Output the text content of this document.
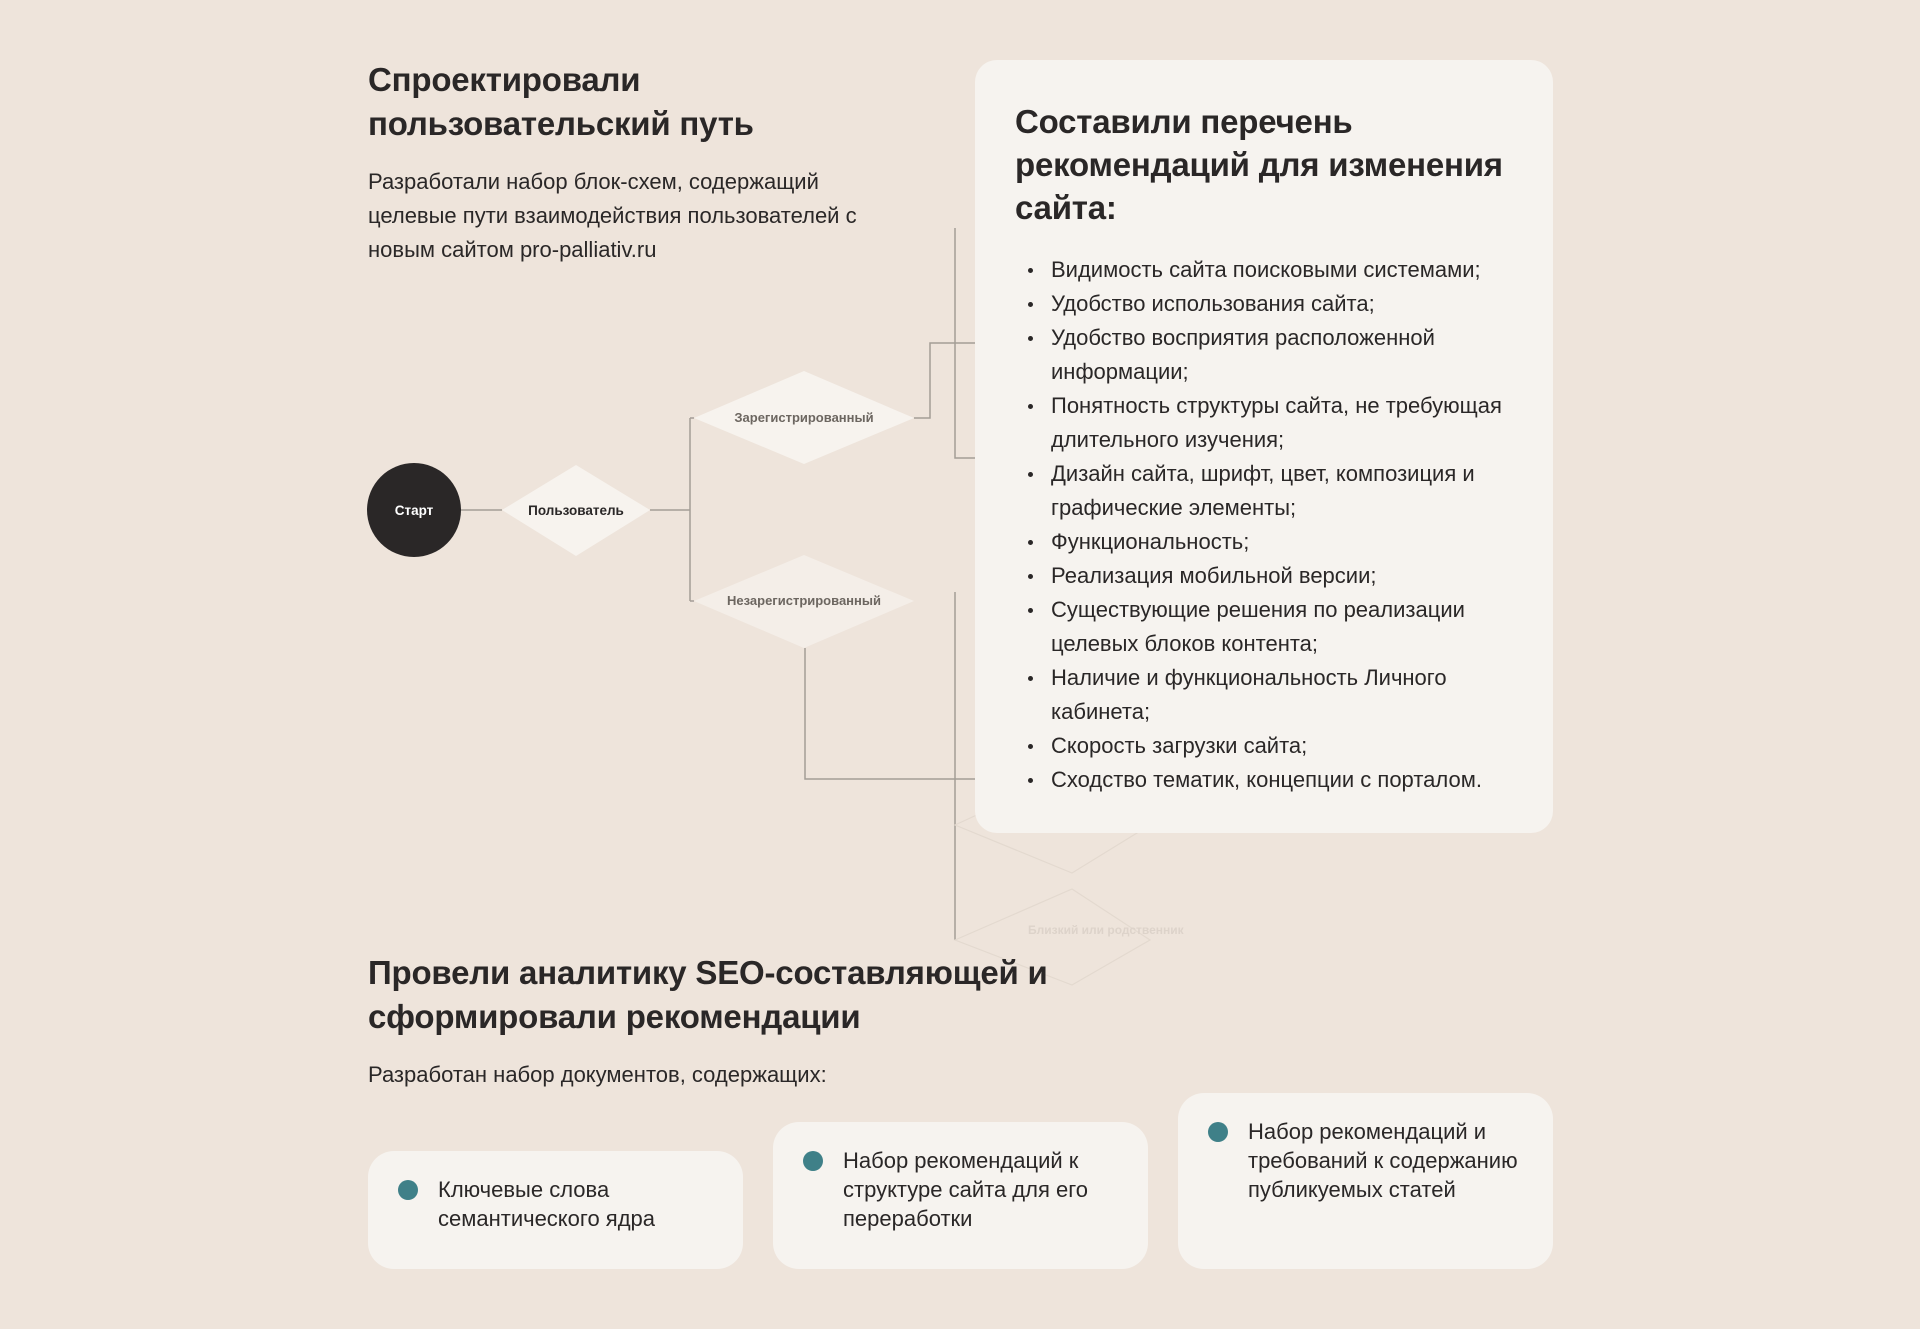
Спроектировали пользовательский путь

Разработали набор блок-схем, содержащий целевые пути взаимодействия пользователей с новым сайтом pro-palliativ.ru

Близкий или родственник
Старт	Пользователь
Зарегистрированный
Незарегистрированный
Составили перечень рекомендаций для изменения сайта:
Видимость сайта поисковыми системами;
Удобство использования сайта;
Удобство восприятия расположенной информации;
Понятность структуры сайта, не требующая длительного изучения;
Дизайн сайта, шрифт, цвет, композиция и графические элементы;
Функциональность;
Реализация мобильной версии;
Существующие решения по реализации целевых блоков контента;
Наличие и функциональность Личного кабинета;
Скорость загрузки сайта;
Сходство тематик, концепции с порталом.
Провели аналитику SEO-составляющей и сформировали рекомендации

Разработан набор документов, содержащих:

Ключевые слова семантического ядра
Набор рекомендаций к структуре сайта для его переработки
Набор рекомендаций и требований к содержанию публикуемых статей
